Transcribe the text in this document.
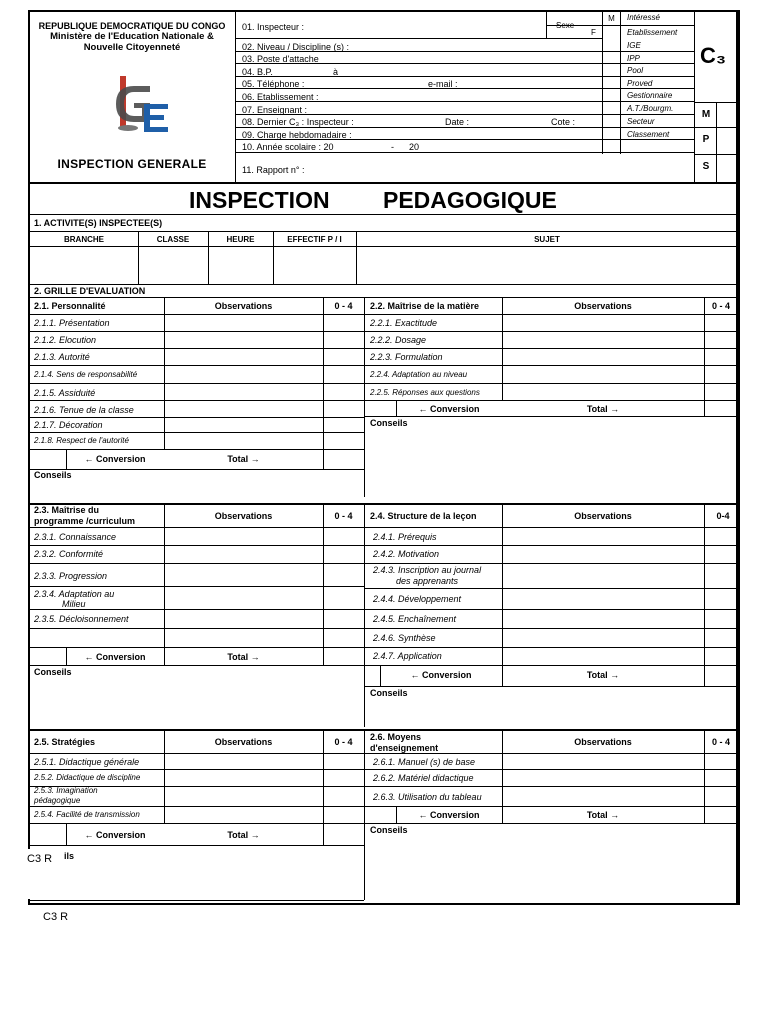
REPUBLIQUE DEMOCRATIQUE DU CONGO
Ministère de l'Education Nationale &
Nouvelle Citoyenneté
INSPECTION GENERALE
01. Inspecteur :
02. Niveau / Discipline (s) :
03. Poste d'attache
04. B.P.	à
05. Téléphone :	e-mail :
06. Etablissement :
07. Enseignant :
08. Dernier C₃ : Inspecteur :	Date :	Cote :
09. Charge hebdomadaire :
10. Année scolaire : 20	- 20
11. Rapport n° :
Sexe
M
F
Intéressé
Etablissement
IGE
IPP
Pool
Proved
Gestionnaire
A.T./Bourgm.
Secteur
Classement
C₃
M
P
S
INSPECTION PEDAGOGIQUE
1. ACTIVITE(S) INSPECTEE(S)
BRANCHE	CLASSE	HEURE	EFFECTIF P / I	SUJET
2. GRILLE D'EVALUATION
2.1. Personnalité	Observations	0 - 4
2.1.1. Présentation
2.1.2. Elocution
2.1.3. Autorité
2.1.4. Sens de responsabilité
2.1.5. Assiduité
2.1.6. Tenue de la classe
2.1.7. Décoration
2.1.8. Respect de l'autorité
← Conversion	Total →
Conseils
2.2. Maîtrise de la matière	Observations	0 - 4
2.2.1. Exactitude
2.2.2. Dosage
2.2.3. Formulation
2.2.4. Adaptation au niveau
2.2.5. Réponses aux questions
← Conversion	Total →
Conseils
2.3. Maîtrise du
programme /curriculum	Observations	0 - 4
2.3.1. Connaissance
2.3.2. Conformité
2.3.3. Progression
2.3.4. Adaptation au
Milieu
2.3.5. Décloisonnement
← Conversion	Total →
Conseils
2.4. Structure de la leçon	Observations	0-4
2.4.1. Prérequis
2.4.2. Motivation
2.4.3. Inscription au journal
des apprenants
2.4.4. Développement
2.4.5. Enchaînement
2.4.6. Synthèse
2.4.7. Application
← Conversion	Total →
Conseils
2.5. Stratégies	Observations	0 - 4
2.5.1. Didactique générale
2.5.2. Didactique de discipline
2.5.3. Imagination
pédagogique
2.5.4. Facilité de transmission
← Conversion	Total →
ils
2.6. Moyens
d'enseignement
Observations	0 - 4
2.6.1. Manuel (s) de base
2.6.2. Matériel didactique
2.6.3. Utilisation du tableau
← Conversion	Total →
Conseils
C3 R
C3 R
